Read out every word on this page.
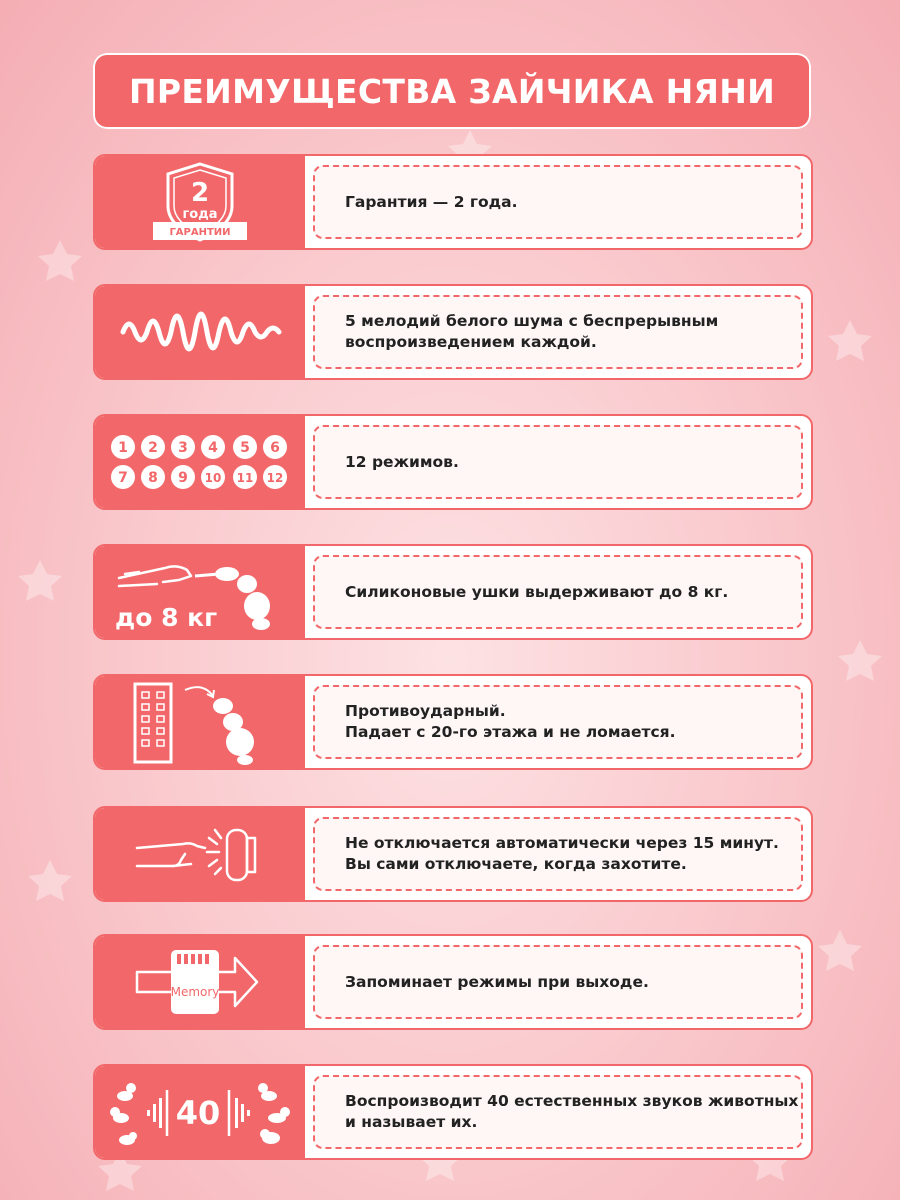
ПРЕИМУЩЕСТВА ЗАЙЧИКА НЯНИ
2
года
ГАРАНТИИ
Гарантия — 2 года.
5 мелодий белого шума с беспрерывным
воспроизведением каждой.
1 2 3 4 5 6
7 8 9 10 11 12
12 режимов.
до 8 кг
Силиконовые ушки выдерживают до 8 кг.
Противоударный.
Падает с 20-го этажа и не ломается.
Не отключается автоматически через 15 минут.
Вы сами отключаете, когда захотите.
Memory
Запоминает режимы при выходе.
40	Воспроизводит 40 естественных звуков животных
и называет их.
